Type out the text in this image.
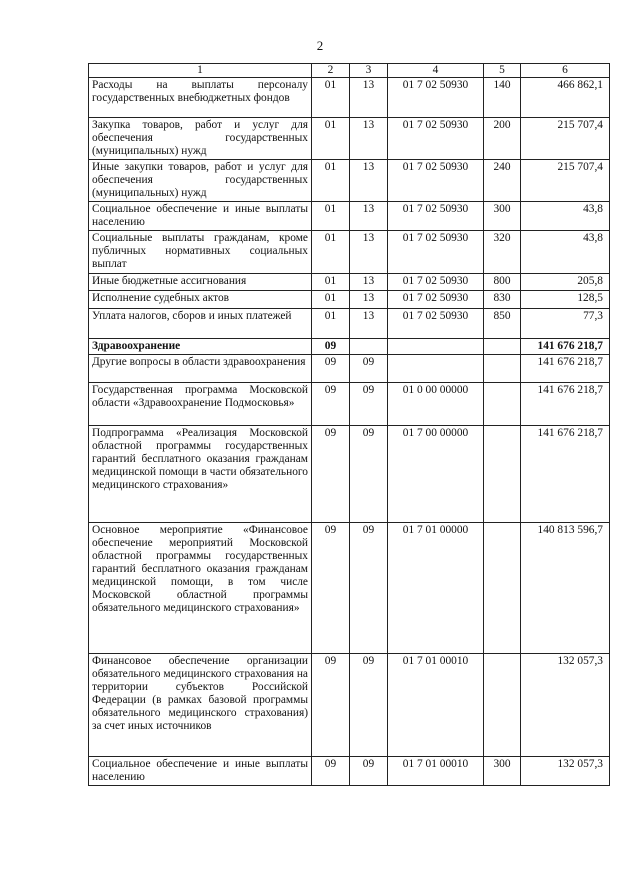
2
1	2	3	4	5	6
Расходы на выплаты персоналу государственных внебюджетных фондов	01	13	01 7 02 50930	140	466 862,1
Закупка товаров, работ и услуг для обеспечения государственных (муниципальных) нужд	01	13	01 7 02 50930	200	215 707,4
Иные закупки товаров, работ и услуг для обеспечения государственных (муниципальных) нужд	01	13	01 7 02 50930	240	215 707,4
Социальное обеспечение и иные выплаты населению	01	13	01 7 02 50930	300	43,8
Социальные выплаты гражданам, кроме публичных нормативных социальных выплат	01	13	01 7 02 50930	320	43,8
Иные бюджетные ассигнования	01	13	01 7 02 50930	800	205,8
Исполнение судебных актов	01	13	01 7 02 50930	830	128,5
Уплата налогов, сборов и иных платежей	01	13	01 7 02 50930	850	77,3
Здравоохранение	09				141 676 218,7
Другие вопросы в области здравоохранения	09	09			141 676 218,7
Государственная программа Московской области «Здравоохранение Подмосковья»	09	09	01 0 00 00000		141 676 218,7
Подпрограмма «Реализация Московской областной программы государственных гарантий бесплатного оказания гражданам медицинской помощи в части обязательного медицинского страхования»	09	09	01 7 00 00000		141 676 218,7
Основное мероприятие «Финансовое обеспечение мероприятий Московской областной программы государственных гарантий бесплатного оказания гражданам медицинской помощи, в том числе Московской областной программы обязательного медицинского страхования»	09	09	01 7 01 00000		140 813 596,7
Финансовое обеспечение организации обязательного медицинского страхования на территории субъектов Российской Федерации (в рамках базовой программы обязательного медицинского страхования) за счет иных источников	09	09	01 7 01 00010		132 057,3
Социальное обеспечение и иные выплаты населению	09	09	01 7 01 00010	300	132 057,3
